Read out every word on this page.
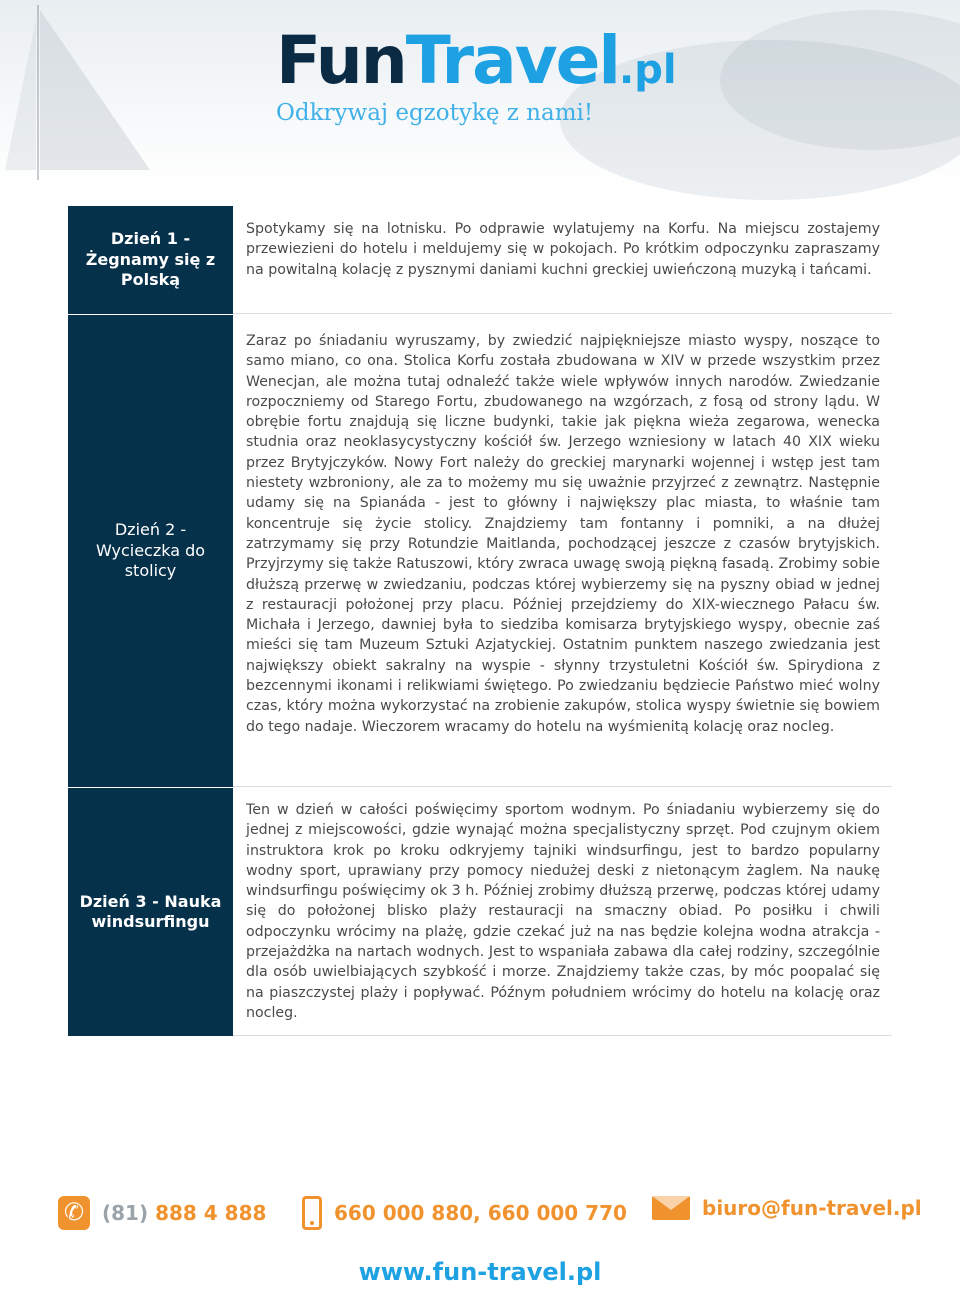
FunTravel.pl
Odkrywaj egzotykę z nami!
Dzień 1 - Żegnamy się z Polską

Spotykamy się na lotnisku. Po odprawie wylatujemy na Korfu. Na miejscu zostajemy przewiezieni do hotelu i meldujemy się w pokojach. Po krótkim odpoczynku zapraszamy na powitalną kolację z pysznymi daniami kuchni greckiej uwieńczoną muzyką i tańcami.

Dzień 2 - Wycieczka do stolicy

Zaraz po śniadaniu wyruszamy, by zwiedzić najpiękniejsze miasto wyspy, noszące to samo miano, co ona. Stolica Korfu została zbudowana w XIV w przede wszystkim przez Wenecjan, ale można tutaj odnaleźć także wiele wpływów innych narodów. Zwiedzanie rozpoczniemy od Starego Fortu, zbudowanego na wzgórzach, z fosą od strony lądu. W obrębie fortu znajdują się liczne budynki, takie jak piękna wieża zegarowa, wenecka studnia oraz neoklasycystyczny kościół św. Jerzego wzniesiony w latach 40 XIX wieku przez Brytyjczyków. Nowy Fort należy do greckiej marynarki wojennej i wstęp jest tam niestety wzbroniony, ale za to możemy mu się uważnie przyjrzeć z zewnątrz. Następnie udamy się na Spianáda - jest to główny i największy plac miasta, to właśnie tam koncentruje się życie stolicy. Znajdziemy tam fontanny i pomniki, a na dłużej zatrzymamy się przy Rotundzie Maitlanda, pochodzącej jeszcze z czasów brytyjskich. Przyjrzymy się także Ratuszowi, który zwraca uwagę swoją piękną fasadą. Zrobimy sobie dłuższą przerwę w zwiedzaniu, podczas której wybierzemy się na pyszny obiad w jednej z restauracji położonej przy placu. Później przejdziemy do XIX-wiecznego Pałacu św. Michała i Jerzego, dawniej była to siedziba komisarza brytyjskiego wyspy, obecnie zaś mieści się tam Muzeum Sztuki Azjatyckiej. Ostatnim punktem naszego zwiedzania jest największy obiekt sakralny na wyspie - słynny trzystuletni Kościół św. Spirydiona z bezcennymi ikonami i relikwiami świętego. Po zwiedzaniu będziecie Państwo mieć wolny czas, który można wykorzystać na zrobienie zakupów, stolica wyspy świetnie się bowiem do tego nadaje. Wieczorem wracamy do hotelu na wyśmienitą kolację oraz nocleg.

Dzień 3 - Nauka windsurfingu

Ten w dzień w całości poświęcimy sportom wodnym. Po śniadaniu wybierzemy się do jednej z miejscowości, gdzie wynająć można specjalistyczny sprzęt. Pod czujnym okiem instruktora krok po kroku odkryjemy tajniki windsurfingu, jest to bardzo popularny wodny sport, uprawiany przy pomocy niedużej deski z nietonącym żaglem. Na naukę windsurfingu poświęcimy ok 3 h. Później zrobimy dłuższą przerwę, podczas której udamy się do położonej blisko plaży restauracji na smaczny obiad. Po posiłku i chwili odpoczynku wrócimy na plażę, gdzie czekać już na nas będzie kolejna wodna atrakcja - przejażdżka na nartach wodnych. Jest to wspaniała zabawa dla całej rodziny, szczególnie dla osób uwielbiających szybkość i morze. Znajdziemy także czas, by móc poopalać się na piaszczystej plaży i popływać. Późnym południem wrócimy do hotelu na kolację oraz nocleg.

✆
(81) 888 4 888	660 000 880, 660 000 770	biuro@fun-travel.pl
www.fun-travel.pl
